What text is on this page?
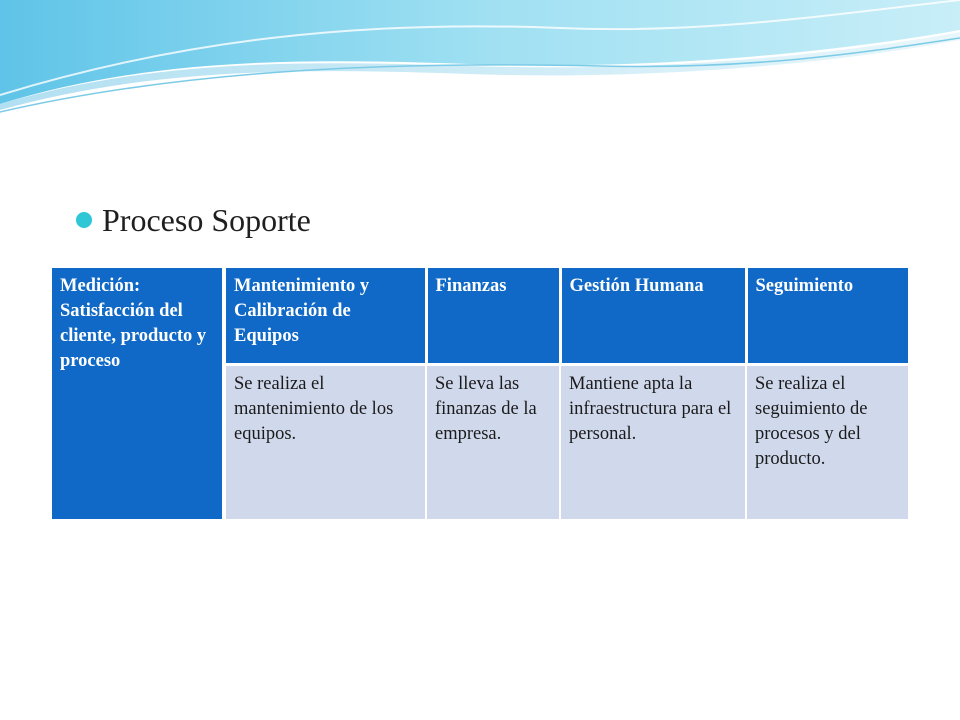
Proceso Soporte
Medición: Satisfacción del cliente, producto y proceso	Mantenimiento y Calibración de Equipos	Finanzas	Gestión Humana	Seguimiento
	Se realiza el mantenimiento de los equipos.	Se lleva las finanzas de la empresa.	Mantiene apta la infraestructura para el personal.	Se realiza el seguimiento de procesos y del producto.
